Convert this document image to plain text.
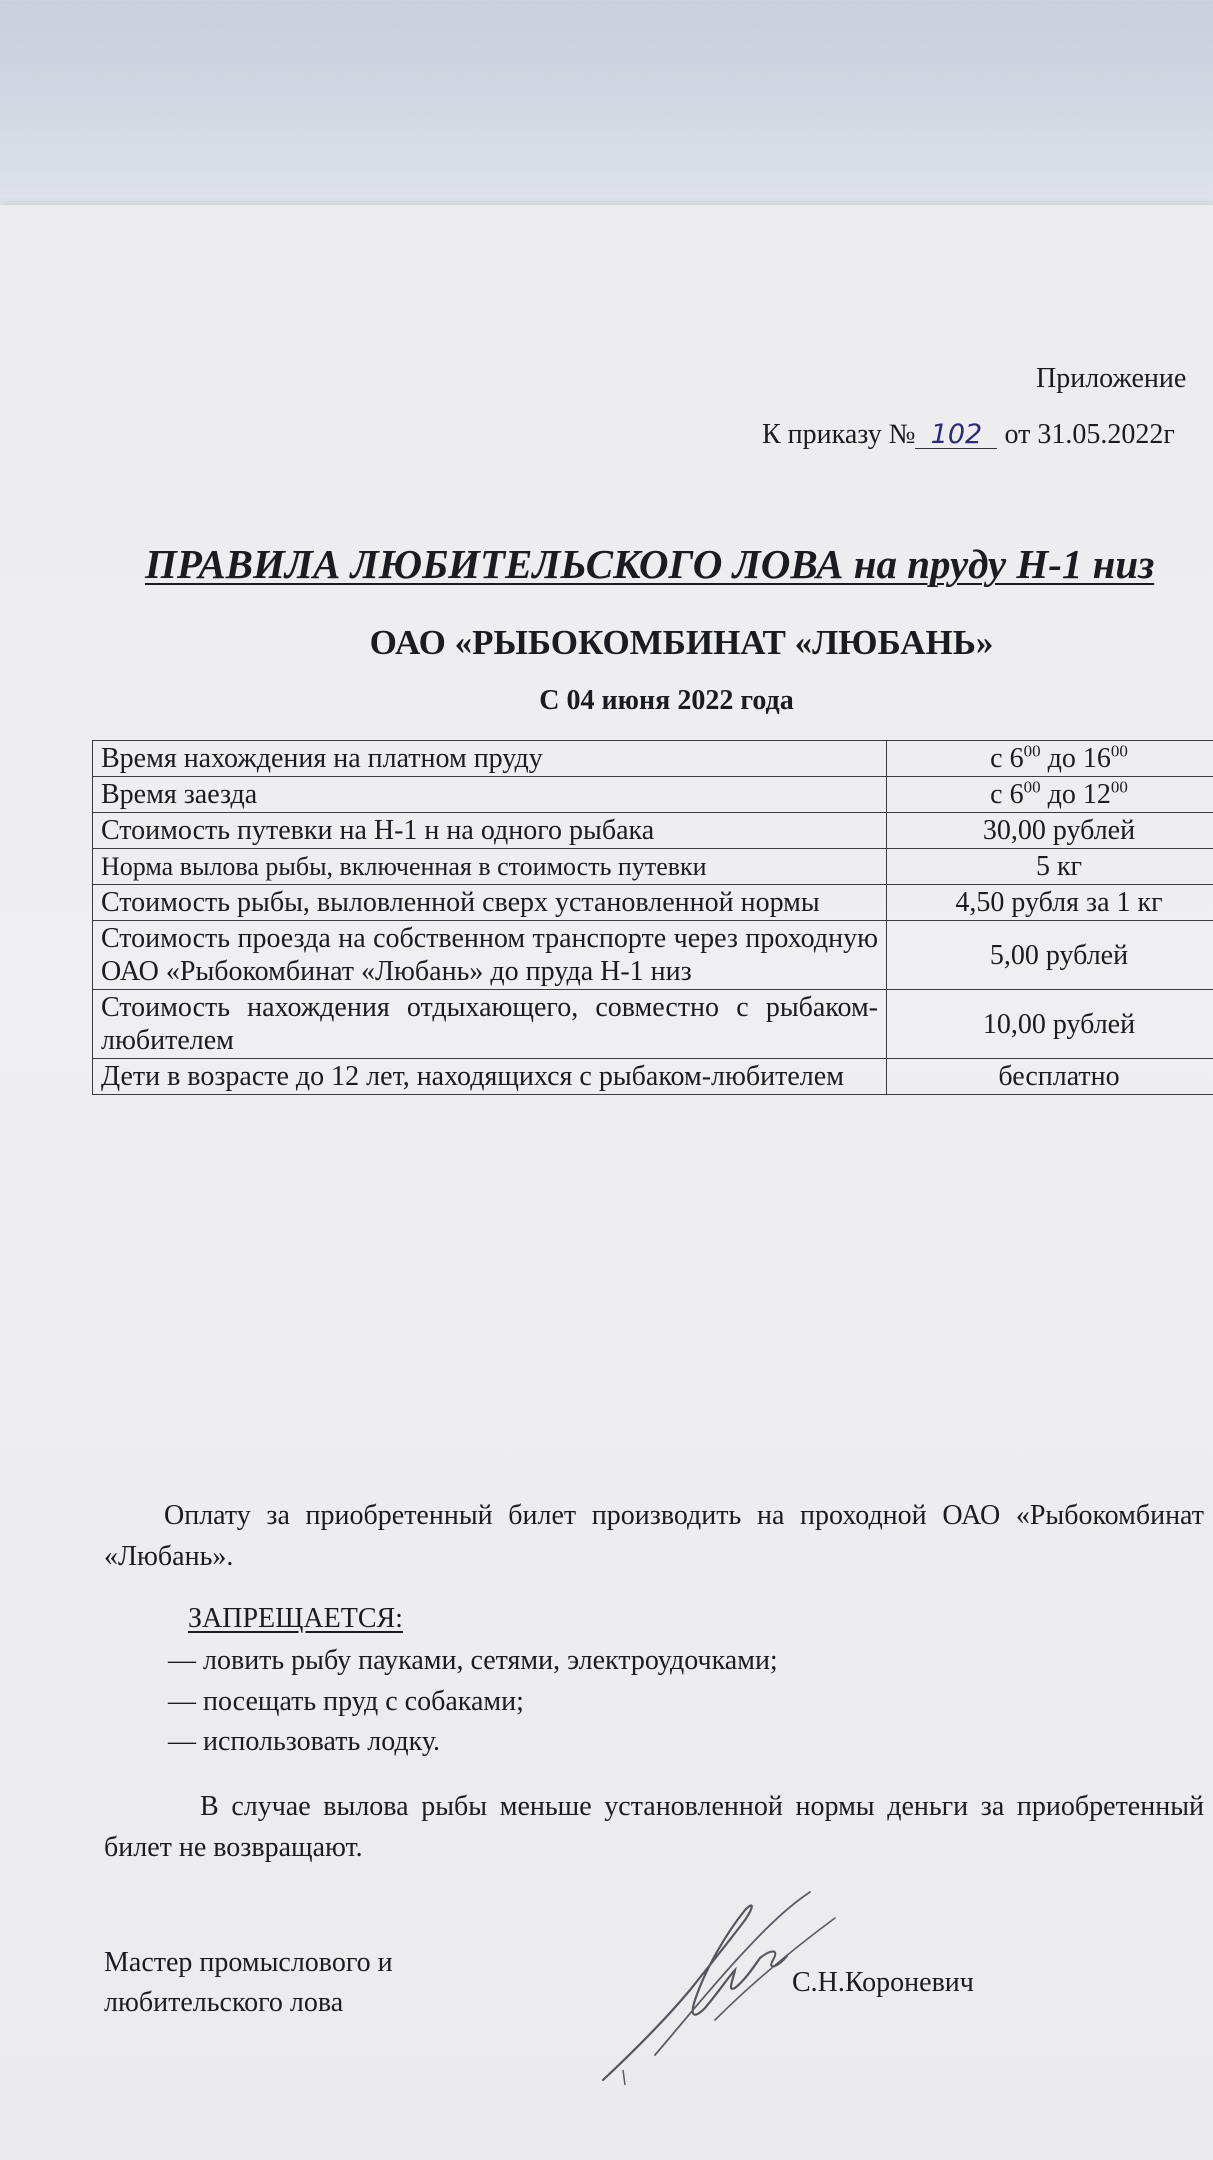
Приложение
К приказу № 102 от 31.05.2022г
ПРАВИЛА ЛЮБИТЕЛЬСКОГО ЛОВА на пруду Н-1 низ
ОАО «РЫБОКОМБИНАТ «ЛЮБАНЬ»
С 04 июня 2022 года
Время нахождения на платном пруду	с $6^{00}$ до $16^{00}$
Время заезда	с $6^{00}$ до $12^{00}$
Стоимость путевки на Н-1 н на одного рыбака	30,00 рублей
Норма вылова рыбы, включенная в стоимость путевки	5 кг
Стоимость рыбы, выловленной сверх установленной нормы	4,50 рубля за 1 кг
Стоимость проезда на собственном транспорте через проходную ОАО «Рыбокомбинат «Любань» до пруда Н-1 низ	5,00 рублей
Стоимость нахождения отдыхающего, совместно с рыбаком-любителем	10,00 рублей
Дети в возрасте до 12 лет, находящихся с рыбаком-любителем	бесплатно
Оплату за приобретенный билет производить на проходной ОАО «Рыбокомбинат «Любань».
ЗАПРЕЩАЕТСЯ:
— ловить рыбу пауками, сетями, электроудочками;
— посещать пруд с собаками;
— использовать лодку.
В случае вылова рыбы меньше установленной нормы деньги за приобретенный билет не возвращают.
Мастер промыслового и
любительского лова
С.Н.Короневич
